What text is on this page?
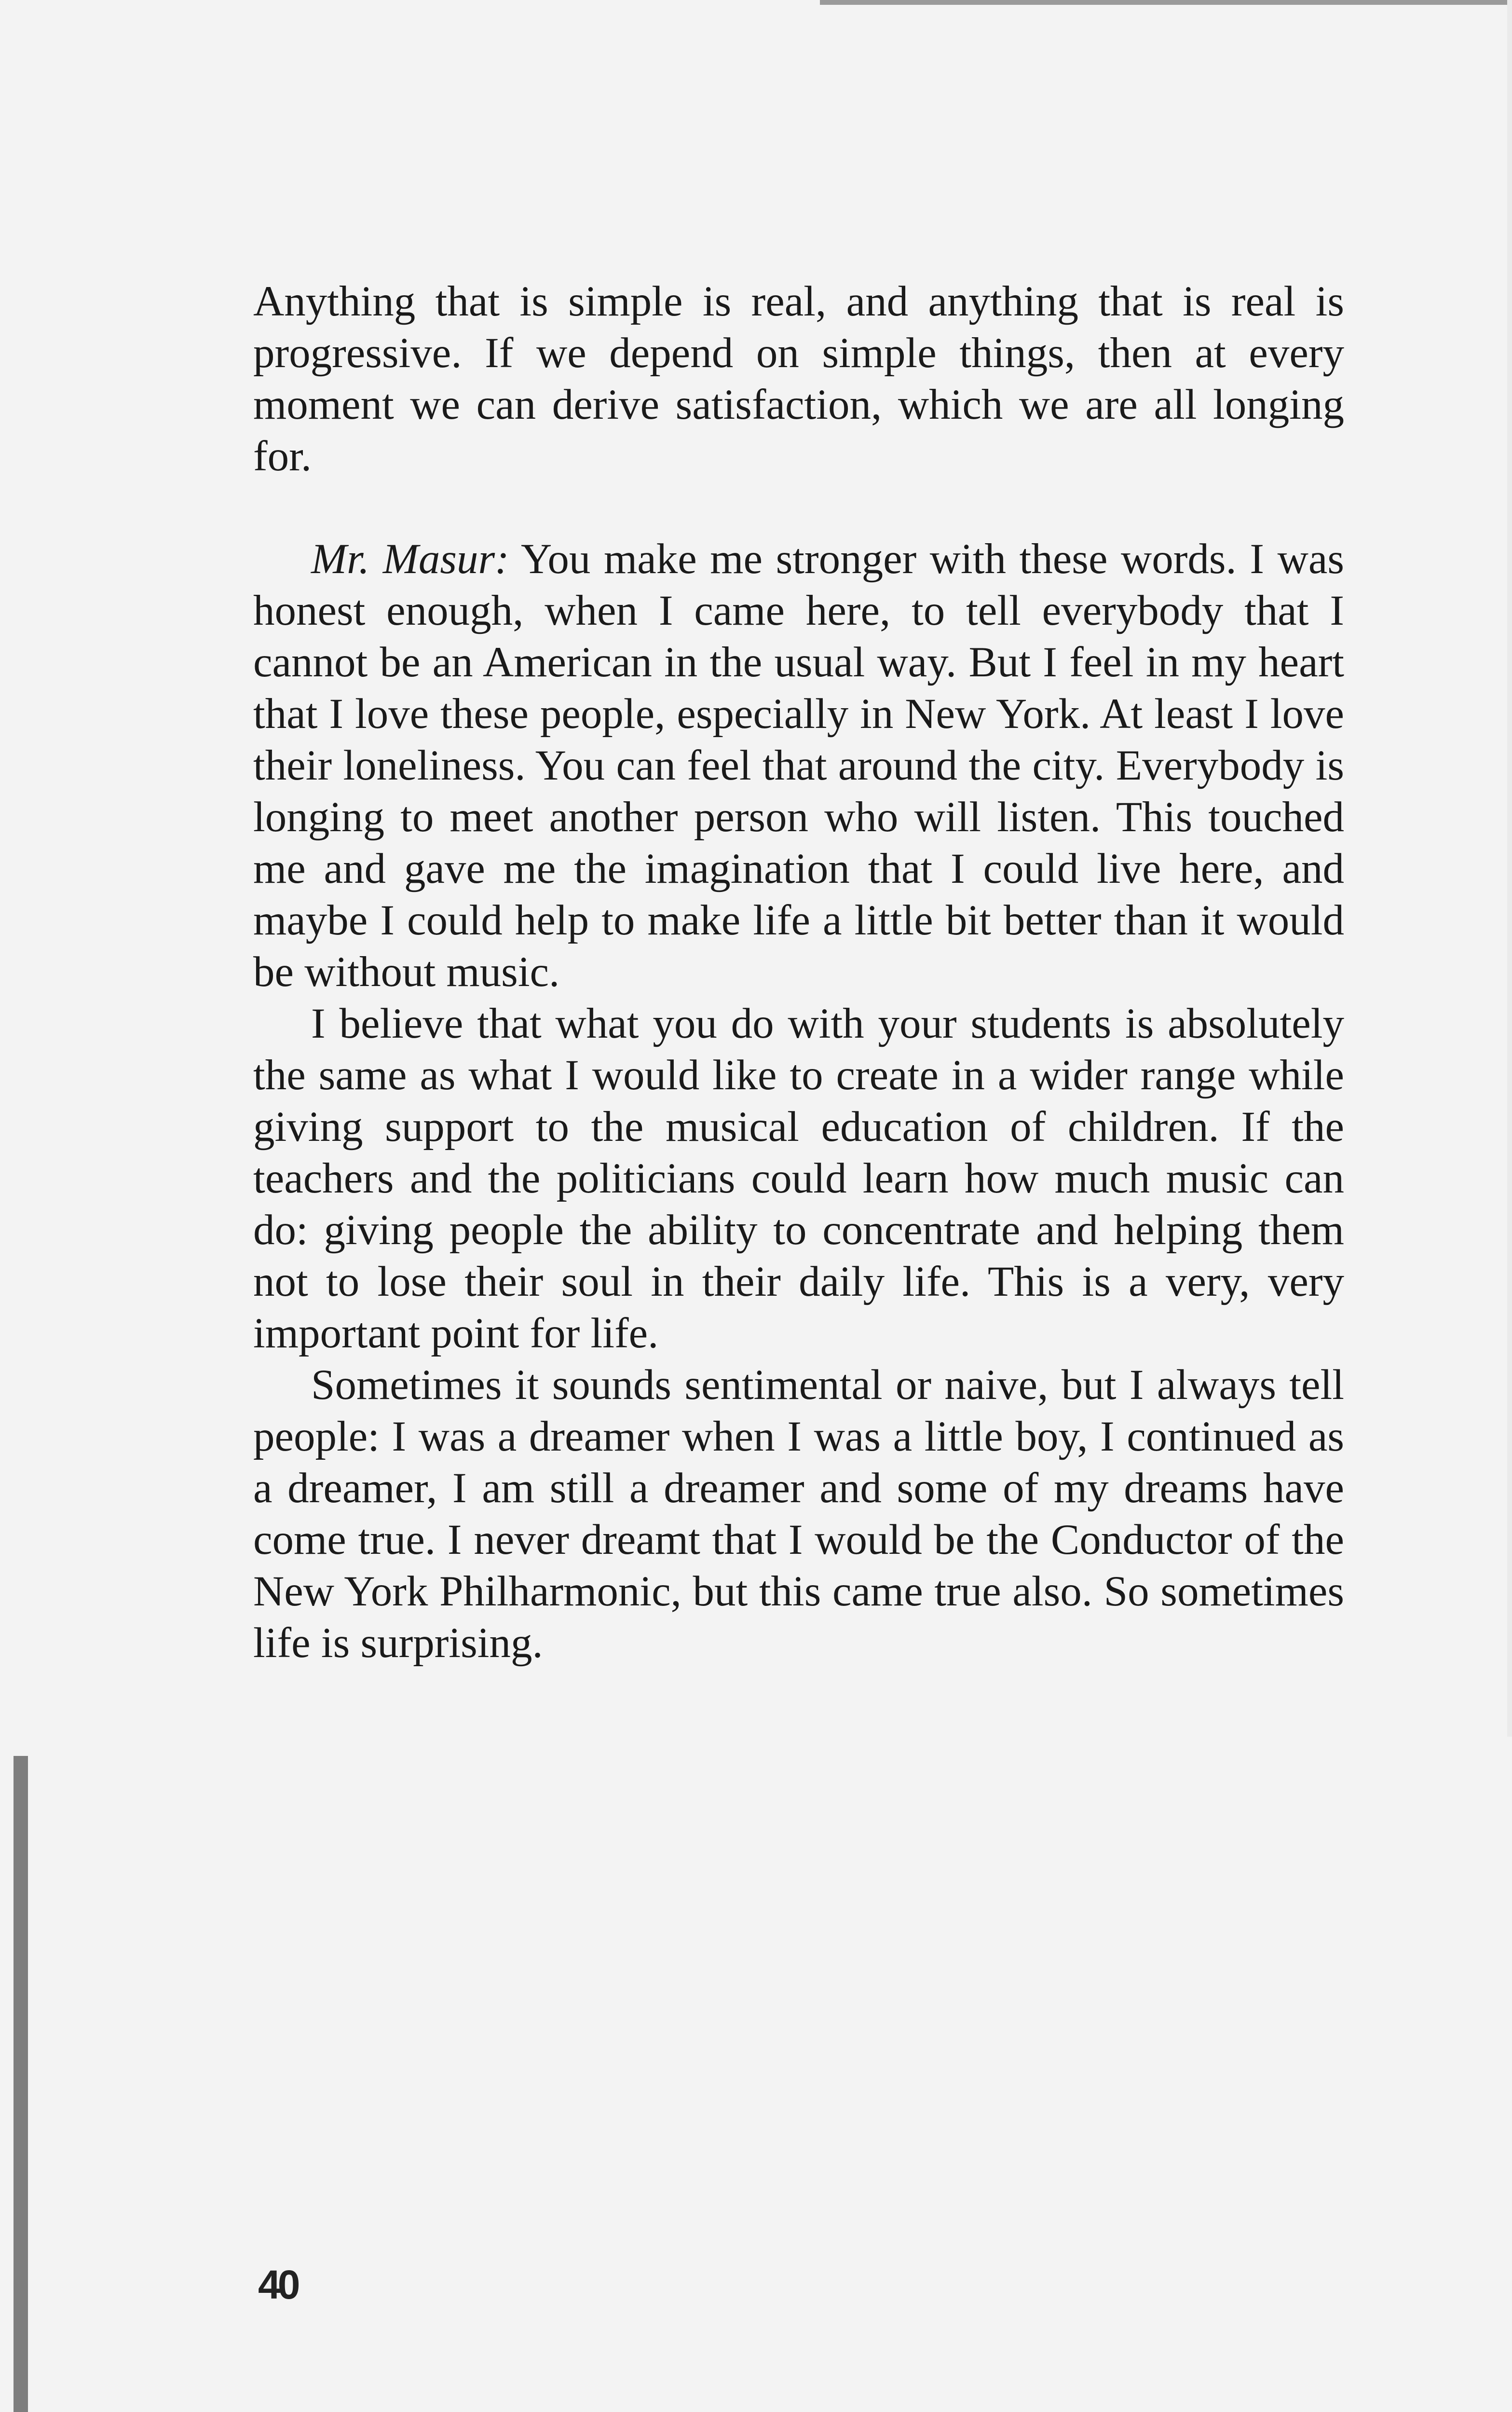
Anything that is simple is real, and anything that is real is progressive. If we depend on simple things, then at every moment we can derive satisfaction, which we are all longing for.

Mr. Masur: You make me stronger with these words. I was honest enough, when I came here, to tell everybody that I cannot be an American in the usual way. But I feel in my heart that I love these people, especially in New York. At least I love their loneliness. You can feel that around the city. Everybody is longing to meet another person who will listen. This touched me and gave me the imagination that I could live here, and maybe I could help to make life a little bit better than it would be without music.

I believe that what you do with your students is absolutely the same as what I would like to create in a wider range while giving support to the musical education of children. If the teachers and the politicians could learn how much music can do: giving people the ability to concentrate and helping them not to lose their soul in their daily life. This is a very, very important point for life.

Sometimes it sounds sentimental or naive, but I always tell people: I was a dreamer when I was a little boy, I continued as a dreamer, I am still a dreamer and some of my dreams have come true. I never dreamt that I would be the Conductor of the New York Philharmonic, but this came true also. So sometimes life is surprising.

40
